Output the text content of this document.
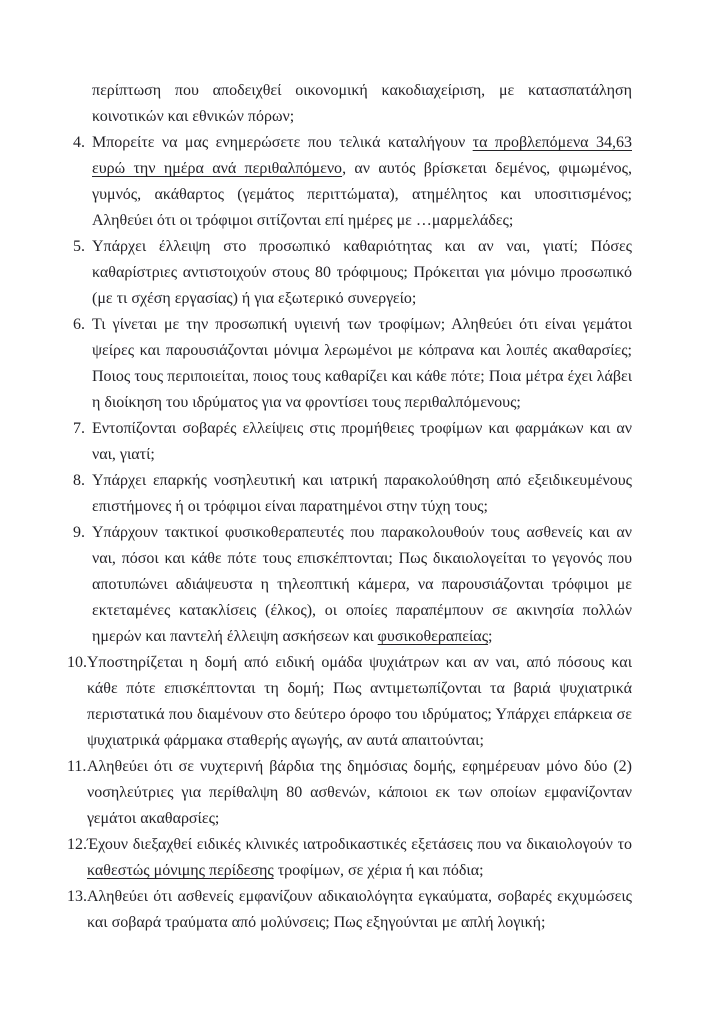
περίπτωση που αποδειχθεί οικονομική κακοδιαχείριση, με κατασπατάληση κοινοτικών και εθνικών πόρων;
4. Μπορείτε να μας ενημερώσετε που τελικά καταλήγουν τα προβλεπόμενα 34,63 ευρώ την ημέρα ανά περιθαλπόμενο, αν αυτός βρίσκεται δεμένος, φιμωμένος, γυμνός, ακάθαρτος (γεμάτος περιττώματα), ατημέλητος και υποσιτισμένος; Αληθεύει ότι οι τρόφιμοι σιτίζονται επί ημέρες με …μαρμελάδες;
5. Υπάρχει έλλειψη στο προσωπικό καθαριότητας και αν ναι, γιατί; Πόσες καθαρίστριες αντιστοιχούν στους 80 τρόφιμους; Πρόκειται για μόνιμο προσωπικό (με τι σχέση εργασίας) ή για εξωτερικό συνεργείο;
6. Τι γίνεται με την προσωπική υγιεινή των τροφίμων; Αληθεύει ότι είναι γεμάτοι ψείρες και παρουσιάζονται μόνιμα λερωμένοι με κόπρανα και λοιπές ακαθαρσίες; Ποιος τους περιποιείται, ποιος τους καθαρίζει και κάθε πότε; Ποια μέτρα έχει λάβει η διοίκηση του ιδρύματος για να φροντίσει τους περιθαλπόμενους;
7. Εντοπίζονται σοβαρές ελλείψεις στις προμήθειες τροφίμων και φαρμάκων και αν ναι, γιατί;
8. Υπάρχει επαρκής νοσηλευτική και ιατρική παρακολούθηση από εξειδικευμένους επιστήμονες ή οι τρόφιμοι είναι παρατημένοι στην τύχη τους;
9. Υπάρχουν τακτικοί φυσικοθεραπευτές που παρακολουθούν τους ασθενείς και αν ναι, πόσοι και κάθε πότε τους επισκέπτονται; Πως δικαιολογείται το γεγονός που αποτυπώνει αδιάψευστα η τηλεοπτική κάμερα, να παρουσιάζονται τρόφιμοι με εκτεταμένες κατακλίσεις (έλκος), οι οποίες παραπέμπουν σε ακινησία πολλών ημερών και παντελή έλλειψη ασκήσεων και φυσικοθεραπείας;
10. Υποστηρίζεται η δομή από ειδική ομάδα ψυχιάτρων και αν ναι, από πόσους και κάθε πότε επισκέπτονται τη δομή; Πως αντιμετωπίζονται τα βαριά ψυχιατρικά περιστατικά που διαμένουν στο δεύτερο όροφο του ιδρύματος; Υπάρχει επάρκεια σε ψυχιατρικά φάρμακα σταθερής αγωγής, αν αυτά απαιτούνται;
11. Αληθεύει ότι σε νυχτερινή βάρδια της δημόσιας δομής, εφημέρευαν μόνο δύο (2) νοσηλεύτριες για περίθαλψη 80 ασθενών, κάποιοι εκ των οποίων εμφανίζονταν γεμάτοι ακαθαρσίες;
12. Έχουν διεξαχθεί ειδικές κλινικές ιατροδικαστικές εξετάσεις που να δικαιολογούν το καθεστώς μόνιμης περίδεσης τροφίμων, σε χέρια ή και πόδια;
13. Αληθεύει ότι ασθενείς εμφανίζουν αδικαιολόγητα εγκαύματα, σοβαρές εκχυμώσεις και σοβαρά τραύματα από μολύνσεις; Πως εξηγούνται με απλή λογική;
